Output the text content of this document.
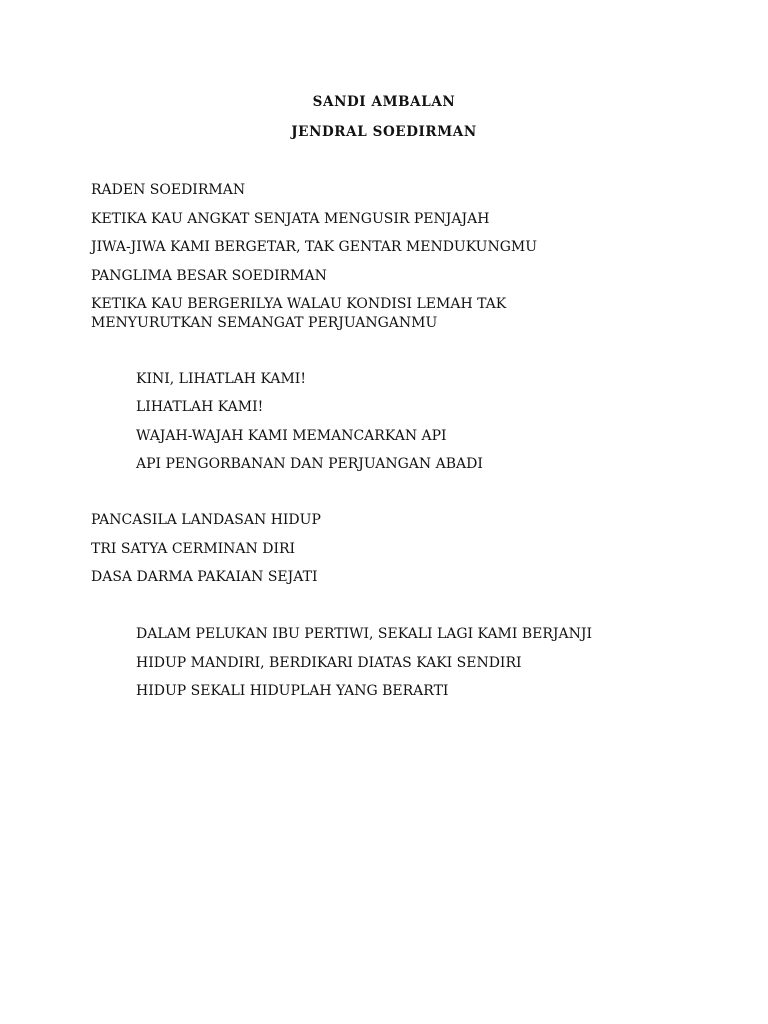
SANDI AMBALAN
JENDRAL SOEDIRMAN
RADEN SOEDIRMAN
KETIKA KAU ANGKAT SENJATA MENGUSIR PENJAJAH
JIWA-JIWA KAMI BERGETAR, TAK GENTAR MENDUKUNGMU
PANGLIMA BESAR SOEDIRMAN
KETIKA KAU BERGERILYA WALAU KONDISI LEMAH TAK MENYURUTKAN SEMANGAT PERJUANGANMU
KINI, LIHATLAH KAMI!
LIHATLAH KAMI!
WAJAH-WAJAH KAMI MEMANCARKAN API
API PENGORBANAN DAN PERJUANGAN ABADI
PANCASILA LANDASAN HIDUP
TRI SATYA CERMINAN DIRI
DASA DARMA PAKAIAN SEJATI
DALAM PELUKAN IBU PERTIWI, SEKALI LAGI KAMI BERJANJI
HIDUP MANDIRI, BERDIKARI DIATAS KAKI SENDIRI
HIDUP SEKALI HIDUPLAH YANG BERARTI
